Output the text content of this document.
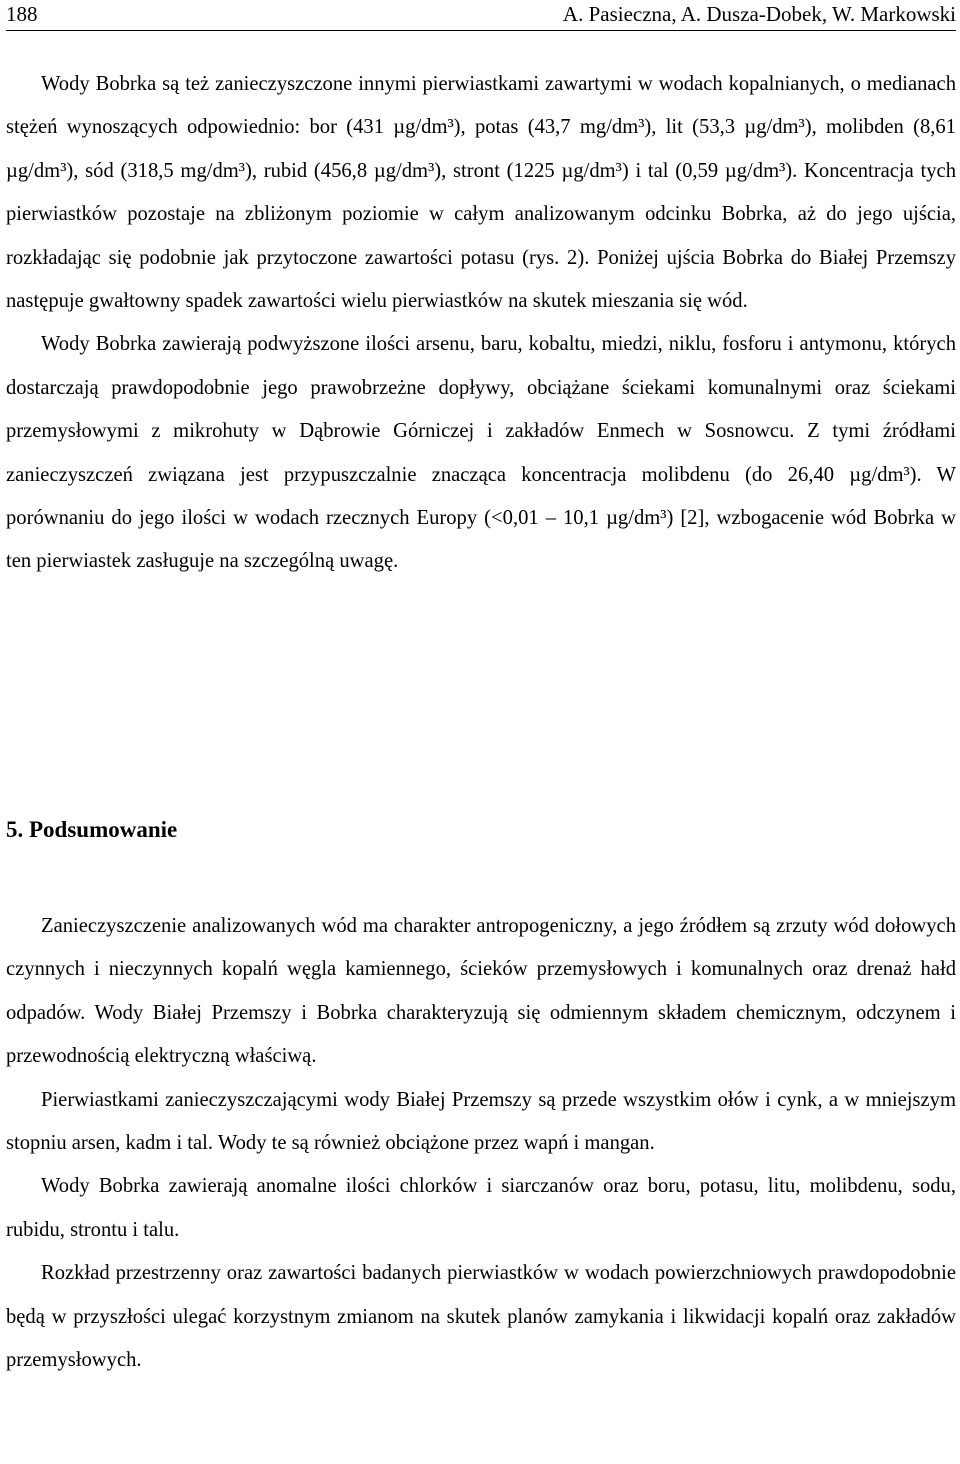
188	A. Pasieczna, A. Dusza-Dobek, W. Markowski

Wody Bobrka są też zanieczyszczone innymi pierwiastkami zawartymi w wodach kopalnianych, o medianach stężeń wynoszących odpowiednio: bor (431 µg/dm³), potas (43,7 mg/dm³), lit (53,3 µg/dm³), molibden (8,61 µg/dm³), sód (318,5 mg/dm³), rubid (456,8 µg/dm³), stront (1225 µg/dm³) i tal (0,59 µg/dm³). Koncentracja tych pierwiastków pozostaje na zbliżonym poziomie w całym analizowanym odcinku Bobrka, aż do jego ujścia, rozkładając się podobnie jak przytoczone zawartości potasu (rys. 2). Poniżej ujścia Bobrka do Białej Przemszy następuje gwałtowny spadek zawartości wielu pierwiastków na skutek mieszania się wód.

Wody Bobrka zawierają podwyższone ilości arsenu, baru, kobaltu, miedzi, niklu, fosforu i antymonu, których dostarczają prawdopodobnie jego prawobrzeżne dopływy, obciążane ściekami komunalnymi oraz ściekami przemysłowymi z mikrohuty w Dąbrowie Górniczej i zakładów Enmech w Sosnowcu. Z tymi źródłami zanieczyszczeń związana jest przypuszczalnie znacząca koncentracja molibdenu (do 26,40 µg/dm³). W porównaniu do jego ilości w wodach rzecznych Europy (<0,01 – 10,1 µg/dm³) [2], wzbogacenie wód Bobrka w ten pierwiastek zasługuje na szczególną uwagę.

5. Podsumowanie

Zanieczyszczenie analizowanych wód ma charakter antropogeniczny, a jego źródłem są zrzuty wód dołowych czynnych i nieczynnych kopalń węgla kamiennego, ścieków przemysłowych i komunalnych oraz drenaż hałd odpadów. Wody Białej Przemszy i Bobrka charakteryzują się odmiennym składem chemicznym, odczynem i przewodnością elektryczną właściwą.

Pierwiastkami zanieczyszczającymi wody Białej Przemszy są przede wszystkim ołów i cynk, a w mniejszym stopniu arsen, kadm i tal. Wody te są również obciążone przez wapń i mangan.

Wody Bobrka zawierają anomalne ilości chlorków i siarczanów oraz boru, potasu, litu, molibdenu, sodu, rubidu, strontu i talu.

Rozkład przestrzenny oraz zawartości badanych pierwiastków w wodach powierzchniowych prawdopodobnie będą w przyszłości ulegać korzystnym zmianom na skutek planów zamykania i likwidacji kopalń oraz zakładów przemysłowych.
